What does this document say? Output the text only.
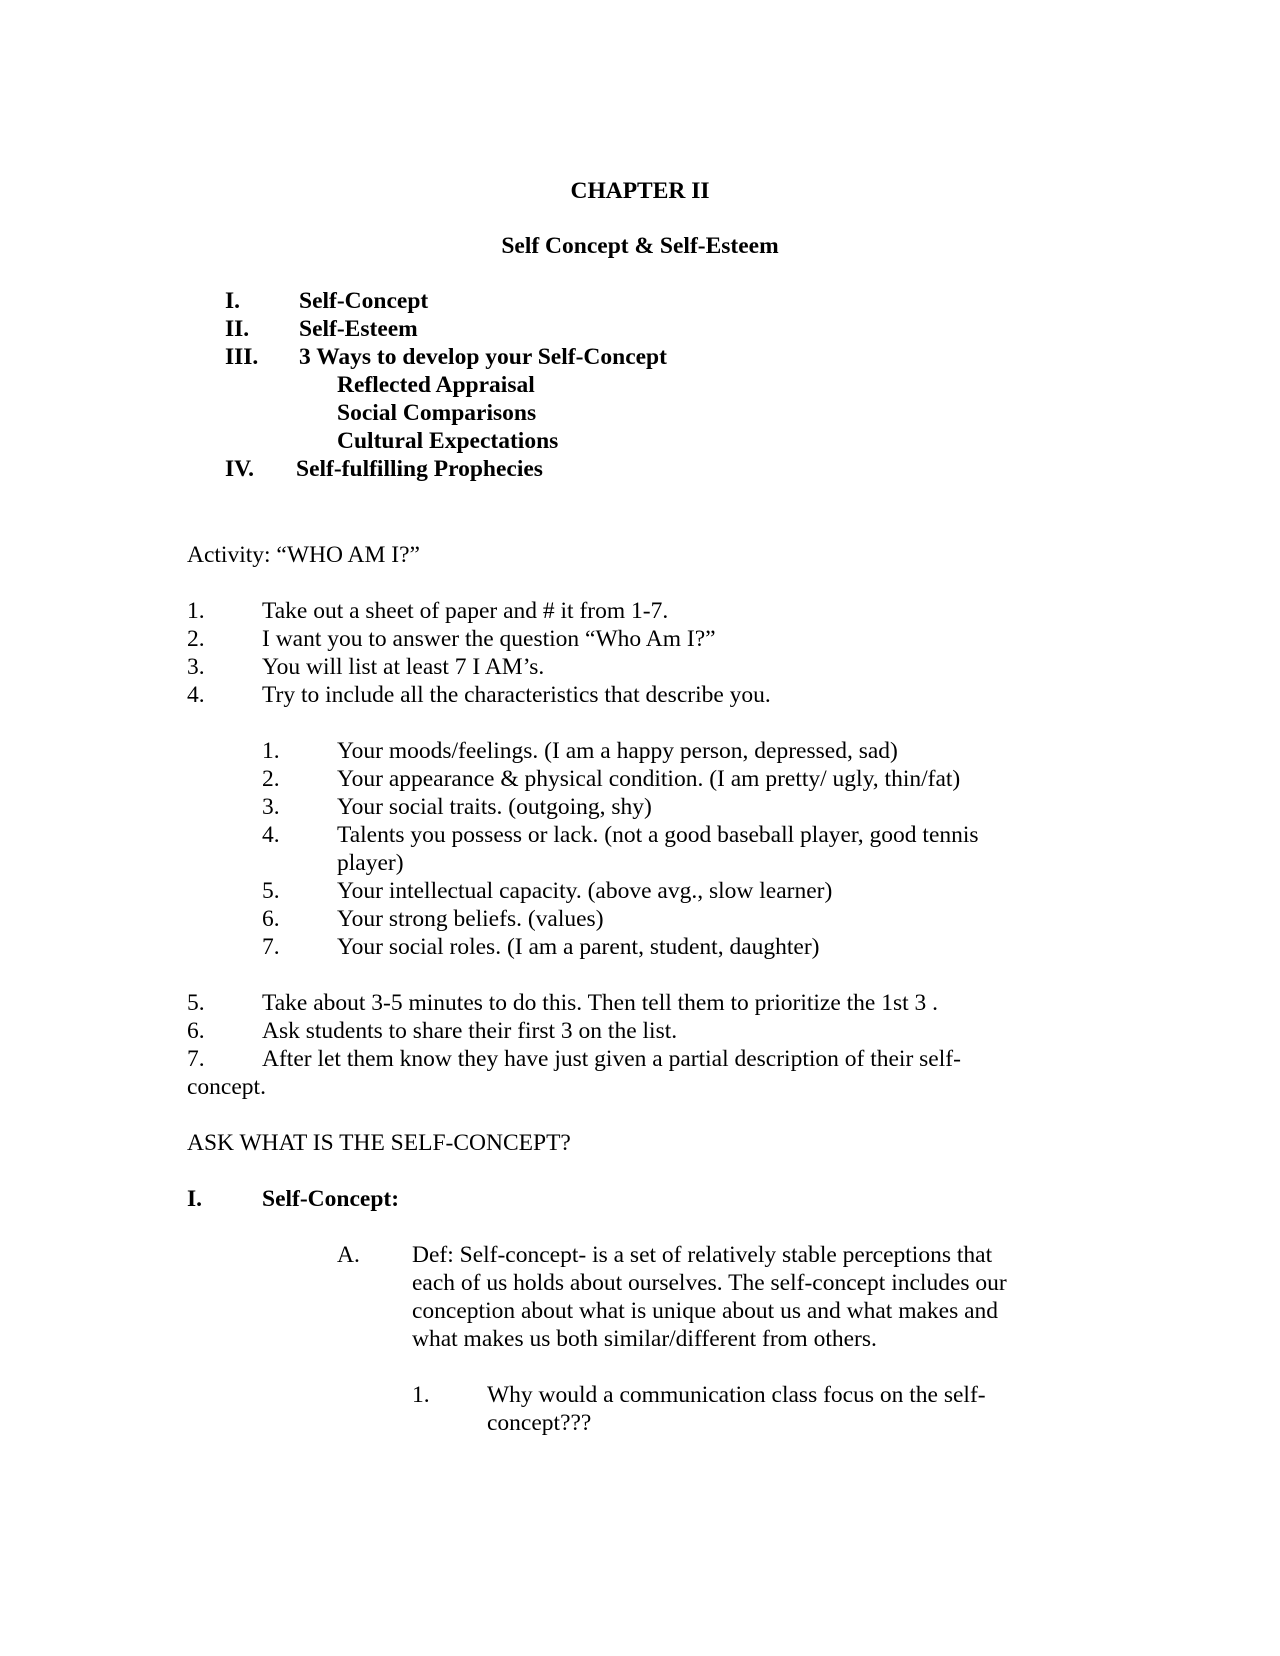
CHAPTER II
Self Concept & Self-Esteem
I.	Self-Concept
II. Self-Esteem
III. 3 Ways to develop your Self-Concept
Reflected Appraisal
Social Comparisons
Cultural Expectations
IV. Self-fulfilling Prophecies
Activity: “WHO AM I?”
1. Take out a sheet of paper and # it from 1-7.
2. I want you to answer the question “Who Am I?”
3. You will list at least 7 I AM’s.
4. Try to include all the characteristics that describe you.
1. Your moods/feelings. (I am a happy person, depressed, sad)
2. Your appearance & physical condition. (I am pretty/ ugly, thin/fat)
3. Your social traits. (outgoing, shy)
4. Talents you possess or lack. (not a good baseball player, good tennis
player)
5. Your intellectual capacity. (above avg., slow learner)
6. Your strong beliefs. (values)
7. Your social roles. (I am a parent, student, daughter)
5. Take about 3-5 minutes to do this. Then tell them to prioritize the 1st 3 .
6. Ask students to share their first 3 on the list.
7. After let them know they have just given a partial description of their self-
concept.
ASK WHAT IS THE SELF-CONCEPT?
I.	Self-Concept:
A. Def: Self-concept- is a set of relatively stable perceptions that
each of us holds about ourselves. The self-concept includes our
conception about what is unique about us and what makes and
what makes us both similar/different from others.
1. Why would a communication class focus on the self-
concept???
